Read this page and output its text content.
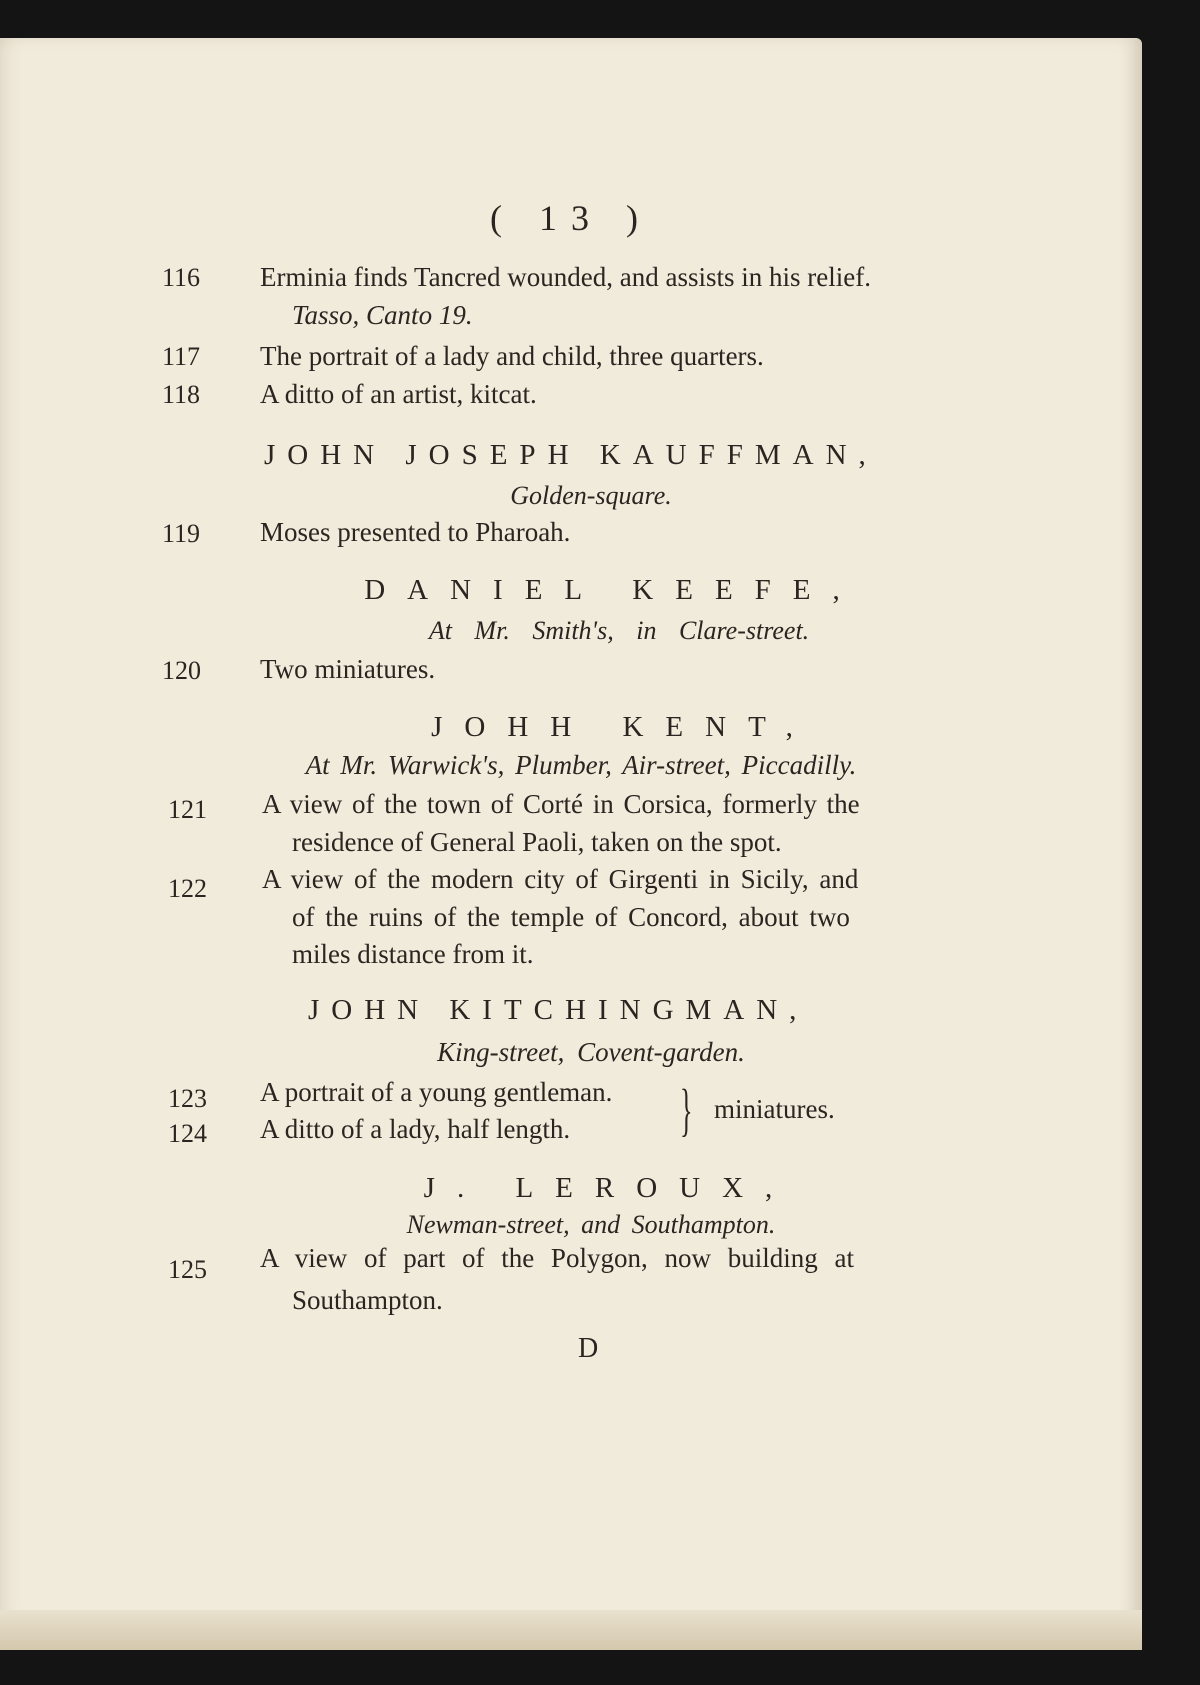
( 13 )
116 Erminia finds Tancred wounded, and assists in his relief.
Tasso, Canto 19.
117 The portrait of a lady and child, three quarters.
118 A ditto of an artist, kitcat.
JOHN JOSEPH KAUFFMAN,
Golden-square.
119 Moses presented to Pharoah.
DANIEL KEEFE,
At Mr. Smith's, in Clare-street.
120 Two miniatures.
JOHH KENT,
At Mr. Warwick's, Plumber, Air-street, Piccadilly.
121 A view of the town of Corté in Corsica, formerly the
residence of General Paoli, taken on the spot.
122 A view of the modern city of Girgenti in Sicily, and
of the ruins of the temple of Concord, about two
miles distance from it.
JOHN KITCHINGMAN,
King-street, Covent-garden.
123 A portrait of a young gentleman.
124 A ditto of a lady, half length. } miniatures.
J. LEROUX,
Newman-street, and Southampton.
125 A view of part of the Polygon, now building at
Southampton.
D
